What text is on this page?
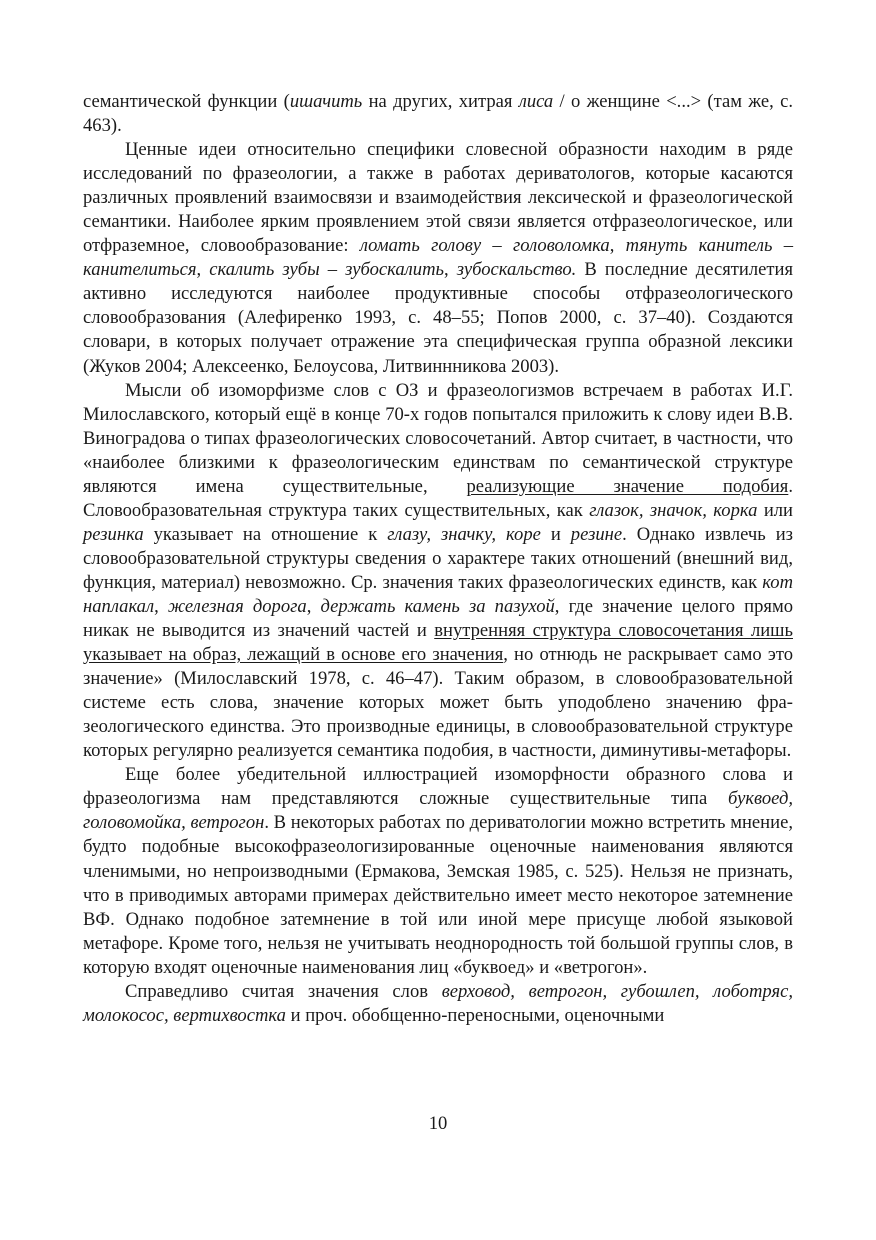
семантической функции (ишачить на других, хитрая лиса / о женщине <...> (там же, с. 463).

Ценные идеи относительно специфики словесной образности находим в ряде исследований по фразеологии, а также в работах дериватологов, которые касаются различных проявлений взаимосвязи и взаимодействия лексической и фразеологической семантики. Наиболее ярким проявлением этой связи является отфразеологическое, или отфраземное, словообразование: ломать голову – головоломка, тянуть канитель – канителиться, скалить зубы – зубоскалить, зубоскальство. В последние десятилетия активно исследуются наиболее продуктивные способы отфразеологического словообразования (Алефиренко 1993, с. 48–55; Попов 2000, с. 37–40). Создаются словари, в которых получает отражение эта специфическая группа образной лексики (Жуков 2004; Алексеенко, Белоусова, Литвиннникова 2003).

Мысли об изоморфизме слов с ОЗ и фразеологизмов встречаем в работах И.Г. Милославского, который ещё в конце 70-х годов попытался приложить к слову идеи В.В. Виноградова о типах фразеологических словосочетаний. Автор считает, в частности, что «наиболее близкими к фразеологическим единствам по семантической структуре являются имена существительные, реализующие значение подобия. Словообразовательная структура таких существительных, как глазок, значок, корка или резинка указывает на отношение к глазу, значку, коре и резине. Однако извлечь из словообразовательной структуры сведения о характере таких отношений (внешний вид, функция, материал) невозможно. Ср. значения таких фразеологических единств, как кот наплакал, железная дорога, держать камень за пазухой, где значение целого прямо никак не выводится из значений частей и внутренняя структура словосочетания лишь указывает на образ, лежащий в основе его значения, но отнюдь не раскрывает само это значение» (Милославский 1978, с. 46–47). Таким образом, в словообразовательной системе есть слова, значение которых может быть уподоблено значению фразеологического единства. Это производные единицы, в словообразовательной структуре которых регулярно реализуется семантика подобия, в частности, диминутивы-метафоры.

Еще более убедительной иллюстрацией изоморфности образного слова и фразеологизма нам представляются сложные существительные типа буквоед, головомойка, ветрогон. В некоторых работах по дериватологии можно встретить мнение, будто подобные высокофразеологизированные оценочные наименования являются членимыми, но непроизводными (Ермакова, Земская 1985, с. 525). Нельзя не признать, что в приводимых авторами примерах действительно имеет место некоторое затемнение ВФ. Однако подобное затемнение в той или иной мере присуще любой языковой метафоре. Кроме того, нельзя не учитывать неоднородность той большой группы слов, в которую входят оценочные наименования лиц «буквоед» и «ветрогон».

Справедливо считая значения слов верховод, ветрогон, губошлеп, лоботряс, молокосос, вертихвостка и проч. обобщенно-переносными, оценочными

10
